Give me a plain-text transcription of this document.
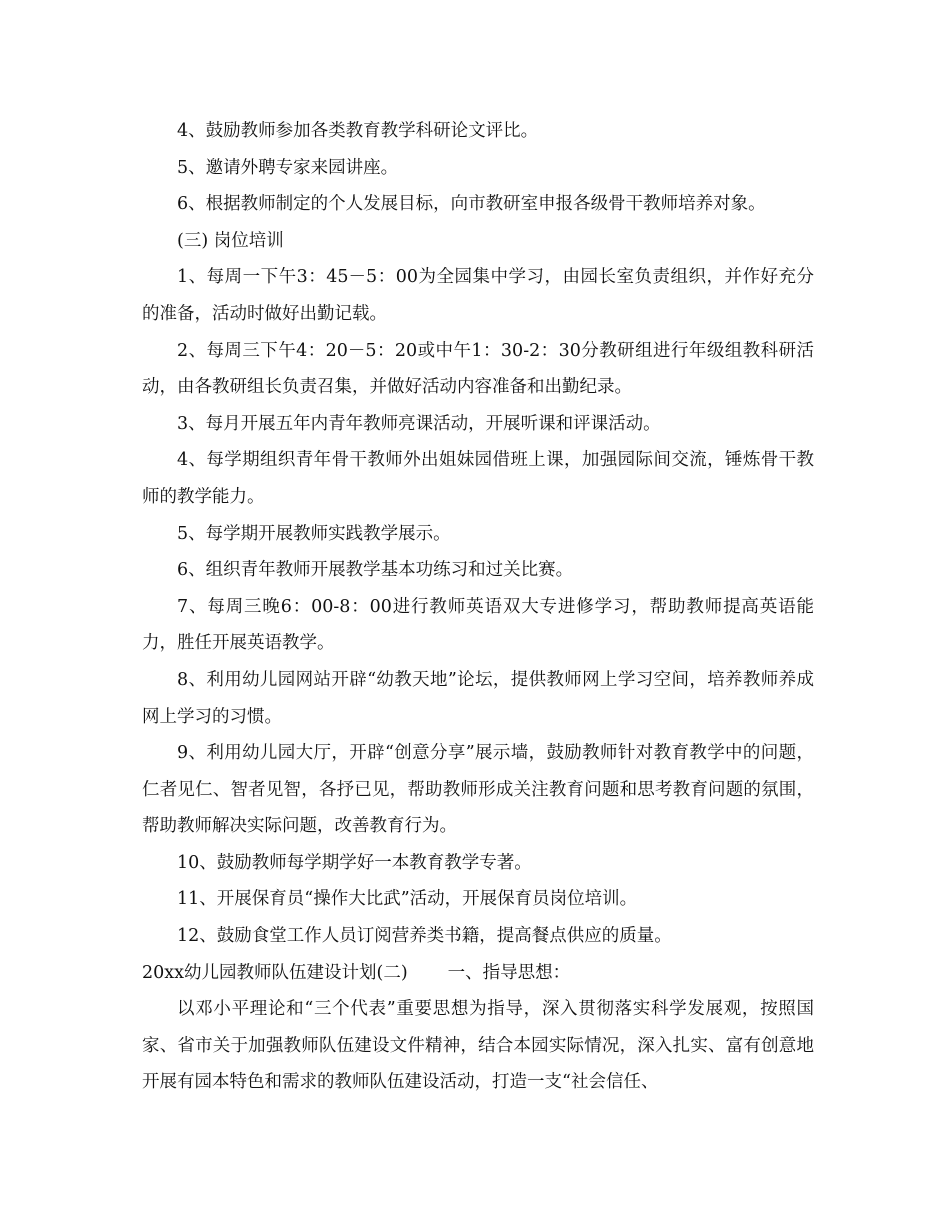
4、鼓励教师参加各类教育教学科研论文评比。

5、邀请外聘专家来园讲座。

6、根据教师制定的个人发展目标，向市教研室申报各级骨干教师培养对象。

(三) 岗位培训

1、每周一下午3：45－5：00为全园集中学习，由园长室负责组织，并作好充分的准备，活动时做好出勤记载。

2、每周三下午4：20－5：20或中午1：30-2：30分教研组进行年级组教科研活动，由各教研组长负责召集，并做好活动内容准备和出勤纪录。

3、每月开展五年内青年教师亮课活动，开展听课和评课活动。

4、每学期组织青年骨干教师外出姐妹园借班上课，加强园际间交流，锤炼骨干教师的教学能力。

5、每学期开展教师实践教学展示。

6、组织青年教师开展教学基本功练习和过关比赛。

7、每周三晚6：00-8：00进行教师英语双大专进修学习，帮助教师提高英语能力，胜任开展英语教学。

8、利用幼儿园网站开辟“幼教天地”论坛，提供教师网上学习空间，培养教师养成网上学习的习惯。

9、利用幼儿园大厅，开辟“创意分享”展示墙，鼓励教师针对教育教学中的问题，仁者见仁、智者见智，各抒已见，帮助教师形成关注教育问题和思考教育问题的氛围，帮助教师解决实际问题，改善教育行为。

10、鼓励教师每学期学好一本教育教学专著。

11、开展保育员“操作大比武”活动，开展保育员岗位培训。

12、鼓励食堂工作人员订阅营养类书籍，提高餐点供应的质量。

20xx幼儿园教师队伍建设计划(二) 一、指导思想：

以邓小平理论和“三个代表”重要思想为指导，深入贯彻落实科学发展观，按照国家、省市关于加强教师队伍建设文件精神，结合本园实际情况，深入扎实、富有创意地开展有园本特色和需求的教师队伍建设活动，打造一支“社会信任、
